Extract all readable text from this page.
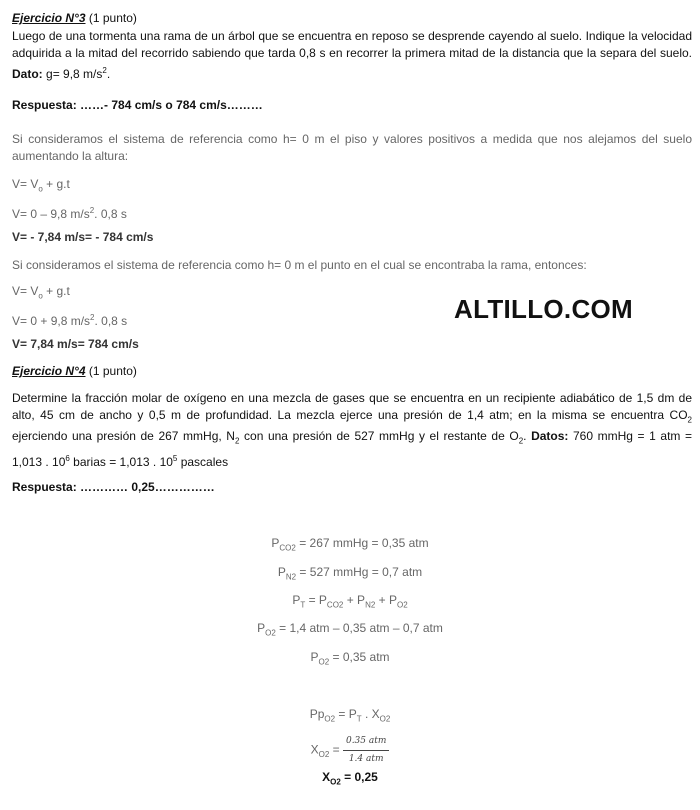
Ejercicio N°3 (1 punto)
Luego de una tormenta una rama de un árbol que se encuentra en reposo se desprende cayendo al suelo. Indique la velocidad adquirida a la mitad del recorrido sabiendo que tarda 0,8 s en recorrer la primera mitad de la distancia que la separa del suelo. Dato: g= 9,8 $m/s^2$.
Respuesta: ……- 784 cm/s o 784 cm/s………
Si consideramos el sistema de referencia como h= 0 m el piso y valores positivos a medida que nos alejamos del suelo aumentando la altura:
$V= V_o + g.t$
V= 0 – 9,8 $m/s^2$. 0,8 s
V= - 7,84 m/s= - 784 cm/s
Si consideramos el sistema de referencia como h= 0 m el punto en el cual se encontraba la rama, entonces:
$V= V_o + g.t$
V= 0 + 9,8 $m/s^2$. 0,8 s
V= 7,84 m/s= 784 cm/s
ALTILLO.COM
Ejercicio N°4 (1 punto)
Determine la fracción molar de oxígeno en una mezcla de gases que se encuentra en un recipiente adiabático de 1,5 dm de alto, 45 cm de ancho y 0,5 m de profundidad. La mezcla ejerce una presión de 1,4 atm; en la misma se encuentra $CO_2$ ejerciendo una presión de 267 mmHg, $N_2$ con una presión de 527 mmHg y el restante de $O_2$. Datos: 760 mmHg = 1 atm = 1,013 . $10^6$ barias = 1,013 . $10^5$ pascales
Respuesta: ………… 0,25……………
$P_{CO2} = 267$ mmHg = 0,35 atm
$P_{N2} = 527$ mmHg = 0,7 atm
$P_T = P_{CO2} + P_{N2} + P_{O2}$
$P_{O2} = 1,4$ atm – 0,35 atm – 0,7 atm
$P_{O2} = 0,35$ atm
$Pp_{O2} = P_T$ . $X_{O2}$
$X_{O2} = \frac{\text{0.35 atm}}{\text{1.4 atm}}$
$X_{O2} = 0,25$
